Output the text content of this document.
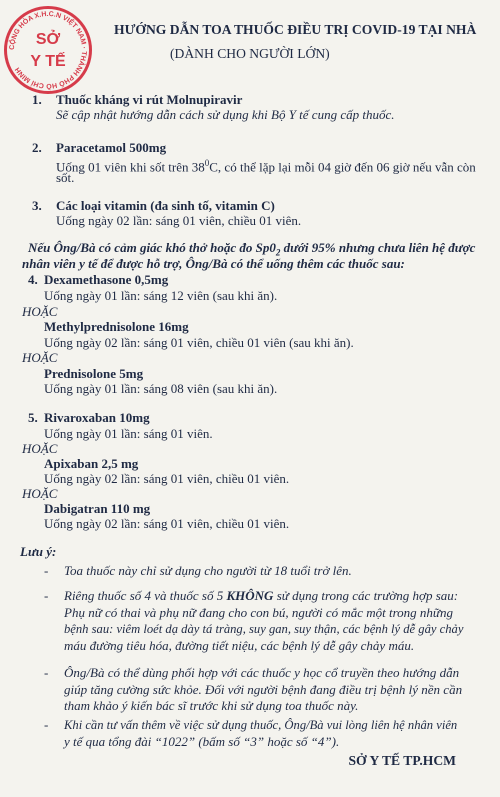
CỘNG HÒA X.H.C.N VIỆT NAM · THÀNH PHỐ HỒ CHÍ MINH
SỞ
Y TẾ
HƯỚNG DẪN TOA THUỐC ĐIỀU TRỊ COVID-19 TẠI NHÀ
(DÀNH CHO NGƯỜI LỚN)
1. Thuốc kháng vi rút Molnupiravir
Sẽ cập nhật hướng dẫn cách sử dụng khi Bộ Y tế cung cấp thuốc.
2. Paracetamol 500mg
Uống 01 viên khi sốt trên $38^0C$, có thể lặp lại mỗi 04 giờ đến 06 giờ nếu vẫn còn
sốt.
3. Các loại vitamin (đa sinh tố, vitamin C)
Uống ngày 02 lần: sáng 01 viên, chiều 01 viên.
Nếu Ông/Bà có cảm giác khó thở hoặc đo $Sp0_2$ dưới 95% nhưng chưa liên hệ được
nhân viên y tế để được hỗ trợ, Ông/Bà có thể uống thêm các thuốc sau:
4. Dexamethasone 0,5mg
Uống ngày 01 lần: sáng 12 viên (sau khi ăn).
HOẶC
Methylprednisolone 16mg
Uống ngày 02 lần: sáng 01 viên, chiều 01 viên (sau khi ăn).
HOẶC
Prednisolone 5mg
Uống ngày 01 lần: sáng 08 viên (sau khi ăn).
5. Rivaroxaban 10mg
Uống ngày 01 lần: sáng 01 viên.
HOẶC
Apixaban 2,5 mg
Uống ngày 02 lần: sáng 01 viên, chiều 01 viên.
HOẶC
Dabigatran 110 mg
Uống ngày 02 lần: sáng 01 viên, chiều 01 viên.
Lưu ý:
- Toa thuốc này chỉ sử dụng cho người từ 18 tuổi trở lên.
- Riêng thuốc số 4 và thuốc số 5 KHÔNG sử dụng trong các trường hợp sau:
Phụ nữ có thai và phụ nữ đang cho con bú, người có mắc một trong những
bệnh sau: viêm loét dạ dày tá tràng, suy gan, suy thận, các bệnh lý dễ gây chảy
máu đường tiêu hóa, đường tiết niệu, các bệnh lý dễ gây chảy máu.
- Ông/Bà có thể dùng phối hợp với các thuốc y học cổ truyền theo hướng dẫn
giúp tăng cường sức khỏe. Đối với người bệnh đang điều trị bệnh lý nền cần
tham khảo ý kiến bác sĩ trước khi sử dụng toa thuốc này.
- Khi cần tư vấn thêm về việc sử dụng thuốc, Ông/Bà vui lòng liên hệ nhân viên
y tế qua tổng đài “1022” (bấm số “3” hoặc số “4”).
SỞ Y TẾ TP.HCM
